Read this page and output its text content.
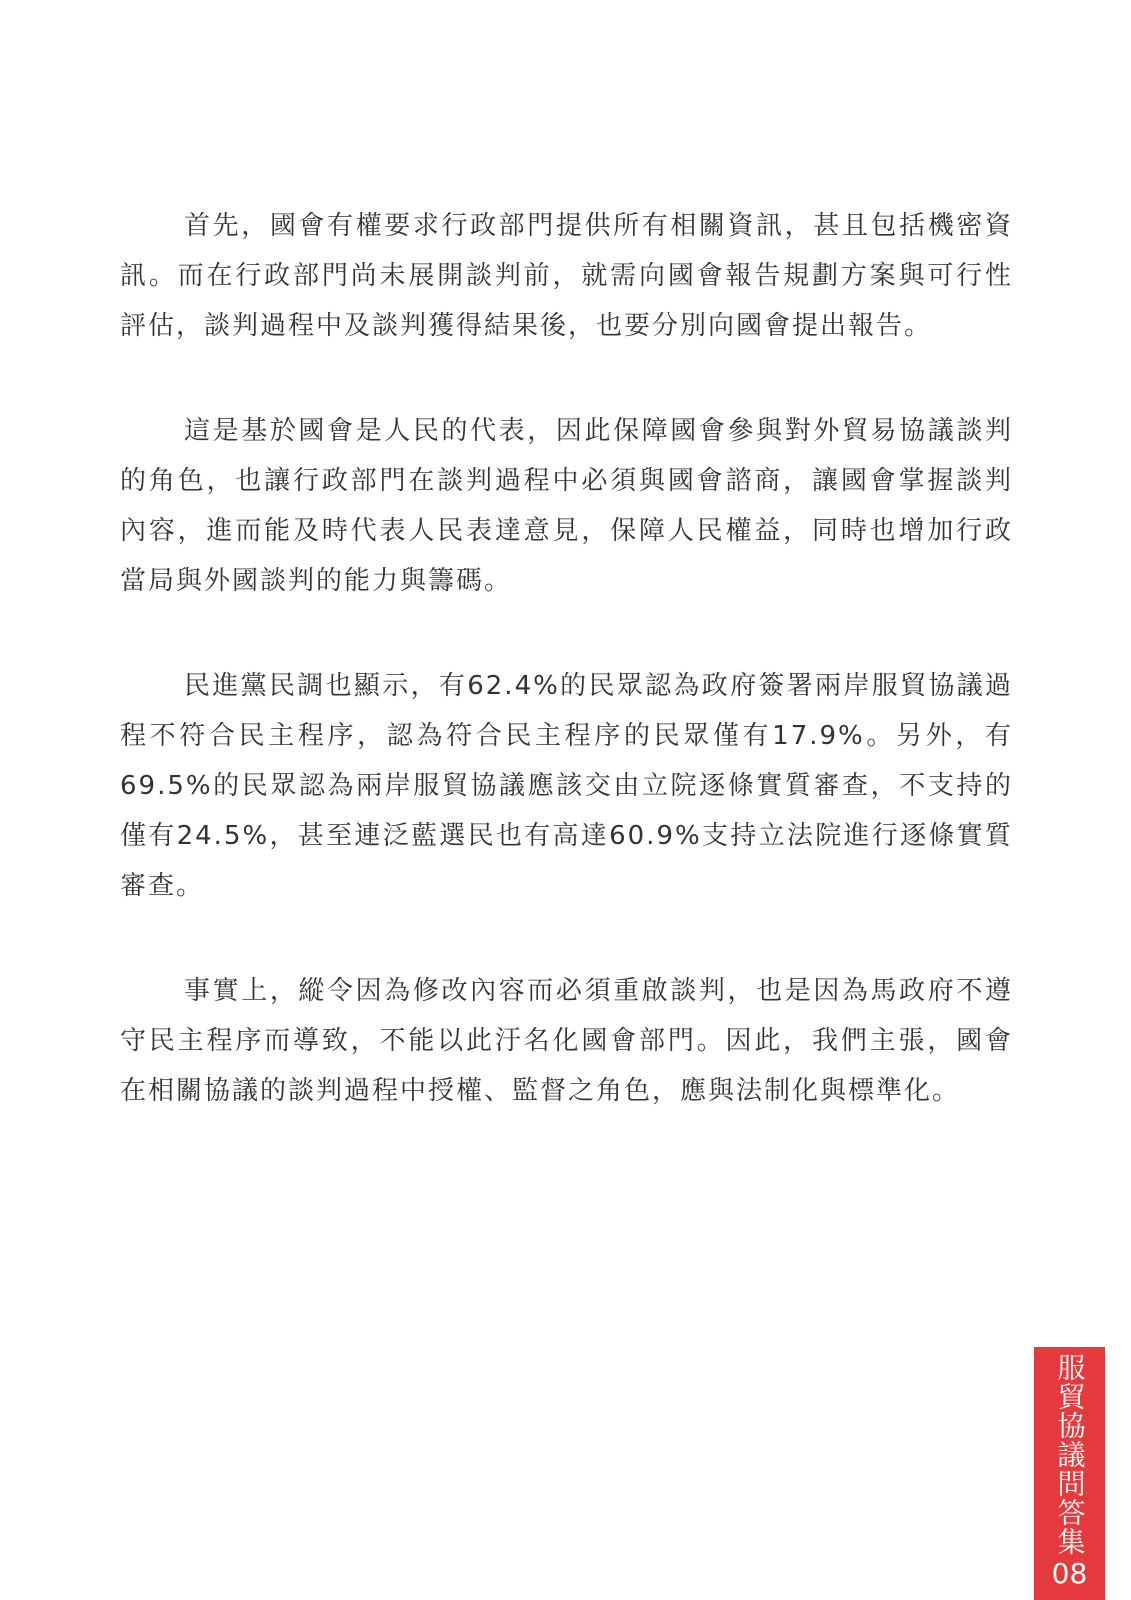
首先，國會有權要求行政部門提供所有相關資訊，甚且包括機密資訊。而在行政部門尚未展開談判前，就需向國會報告規劃方案與可行性評估，談判過程中及談判獲得結果後，也要分別向國會提出報告。

這是基於國會是人民的代表，因此保障國會參與對外貿易協議談判的角色，也讓行政部門在談判過程中必須與國會諮商，讓國會掌握談判內容，進而能及時代表人民表達意見，保障人民權益，同時也增加行政當局與外國談判的能力與籌碼。

民進黨民調也顯示，有62.4%的民眾認為政府簽署兩岸服貿協議過程不符合民主程序，認為符合民主程序的民眾僅有17.9%。另外，有69.5%的民眾認為兩岸服貿協議應該交由立院逐條實質審查，不支持的僅有24.5%，甚至連泛藍選民也有高達60.9%支持立法院進行逐條實質審查。

事實上，縱令因為修改內容而必須重啟談判，也是因為馬政府不遵守民主程序而導致，不能以此汙名化國會部門。因此，我們主張，國會在相關協議的談判過程中授權、監督之角色，應與法制化與標準化。

服貿協議問答集
08
